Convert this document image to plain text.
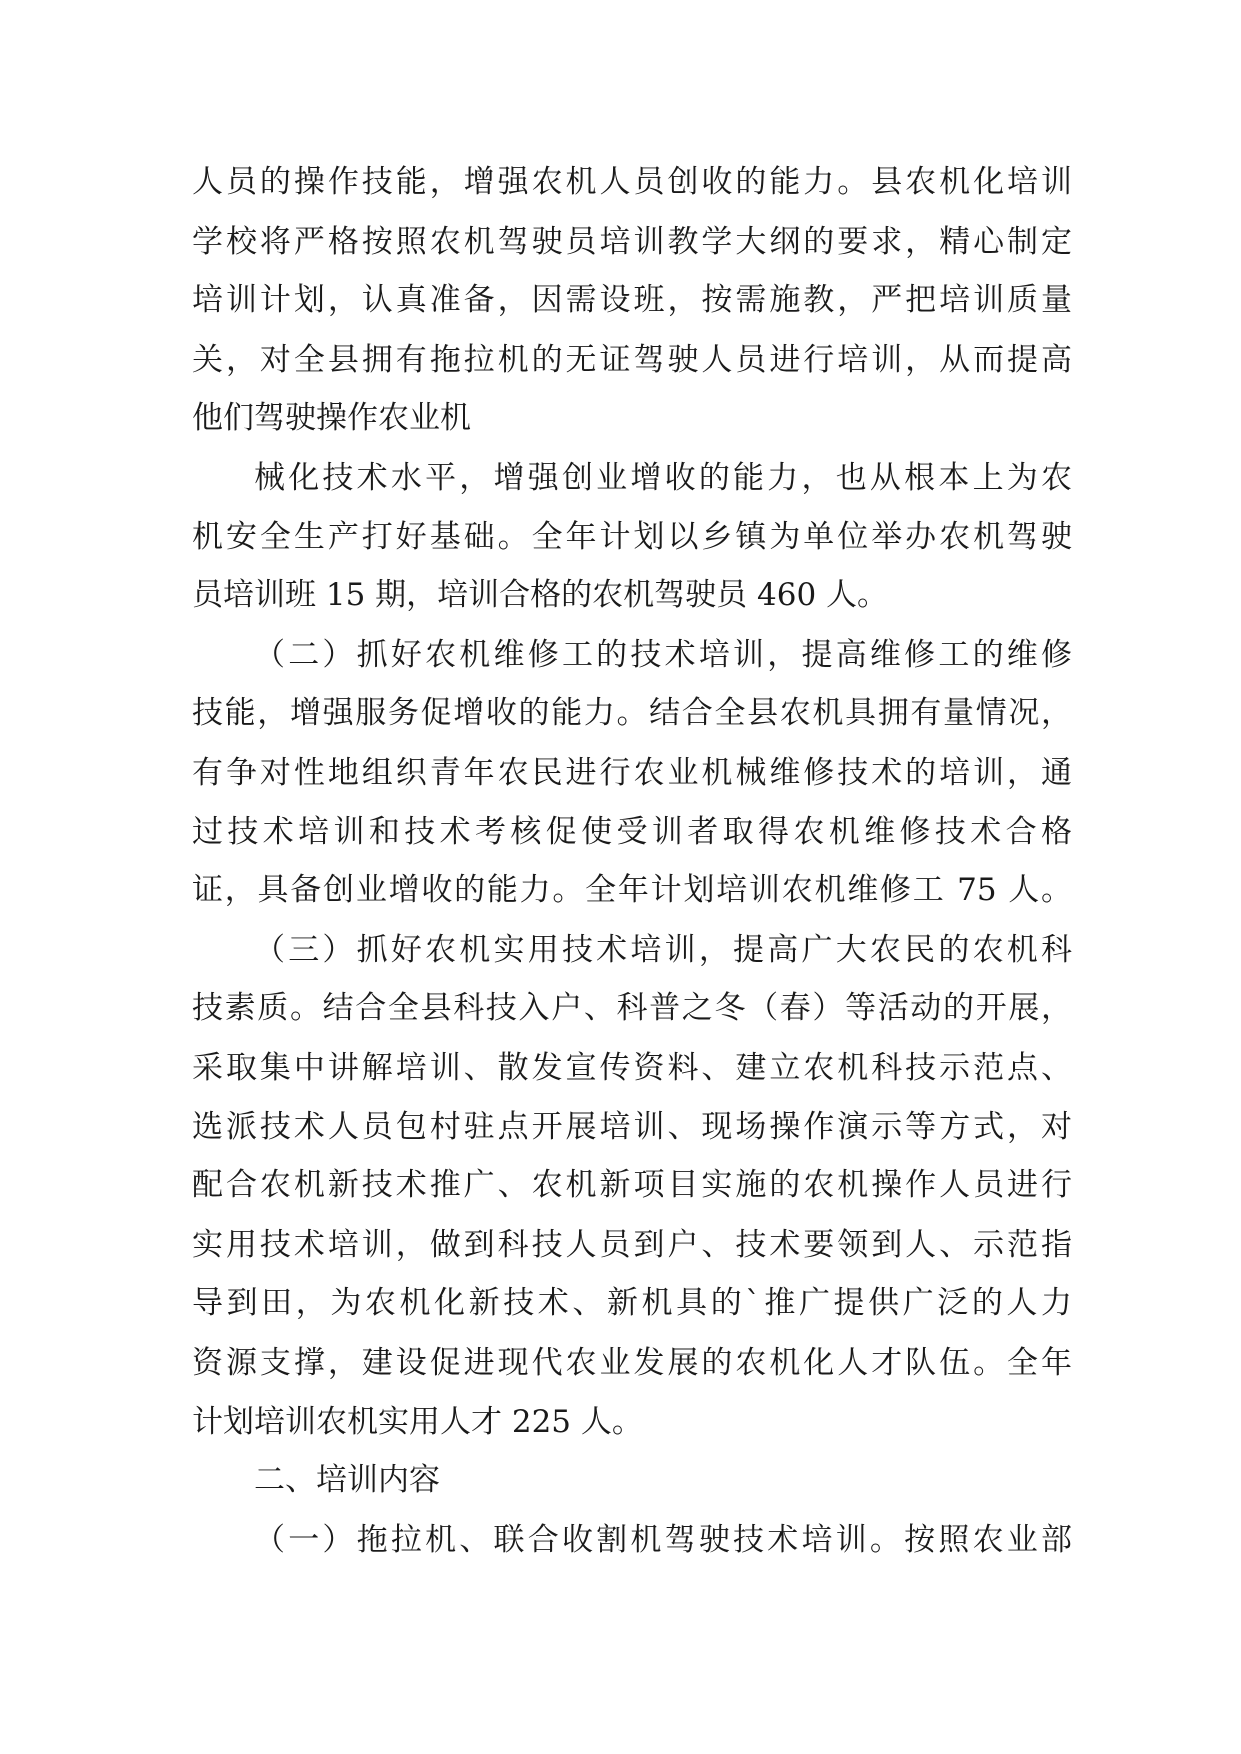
人员的操作技能，增强农机人员创收的能力。县农机化培训
学校将严格按照农机驾驶员培训教学大纲的要求，精心制定
培训计划，认真准备，因需设班，按需施教，严把培训质量
关，对全县拥有拖拉机的无证驾驶人员进行培训，从而提高
他们驾驶操作农业机
械化技术水平，增强创业增收的能力，也从根本上为农
机安全生产打好基础。全年计划以乡镇为单位举办农机驾驶
员培训班 15 期，培训合格的农机驾驶员 460 人。
（二）抓好农机维修工的技术培训，提高维修工的维修
技能，增强服务促增收的能力。结合全县农机具拥有量情况，
有争对性地组织青年农民进行农业机械维修技术的培训，通
过技术培训和技术考核促使受训者取得农机维修技术合格
证，具备创业增收的能力。全年计划培训农机维修工 75 人。
（三）抓好农机实用技术培训，提高广大农民的农机科
技素质。结合全县科技入户、科普之冬（春）等活动的开展，
采取集中讲解培训、散发宣传资料、建立农机科技示范点、
选派技术人员包村驻点开展培训、现场操作演示等方式，对
配合农机新技术推广、农机新项目实施的农机操作人员进行
实用技术培训，做到科技人员到户、技术要领到人、示范指
导到田，为农机化新技术、新机具的`推广提供广泛的人力
资源支撑，建设促进现代农业发展的农机化人才队伍。全年
计划培训农机实用人才 225 人。
二、培训内容
（一）拖拉机、联合收割机驾驶技术培训。按照农业部
